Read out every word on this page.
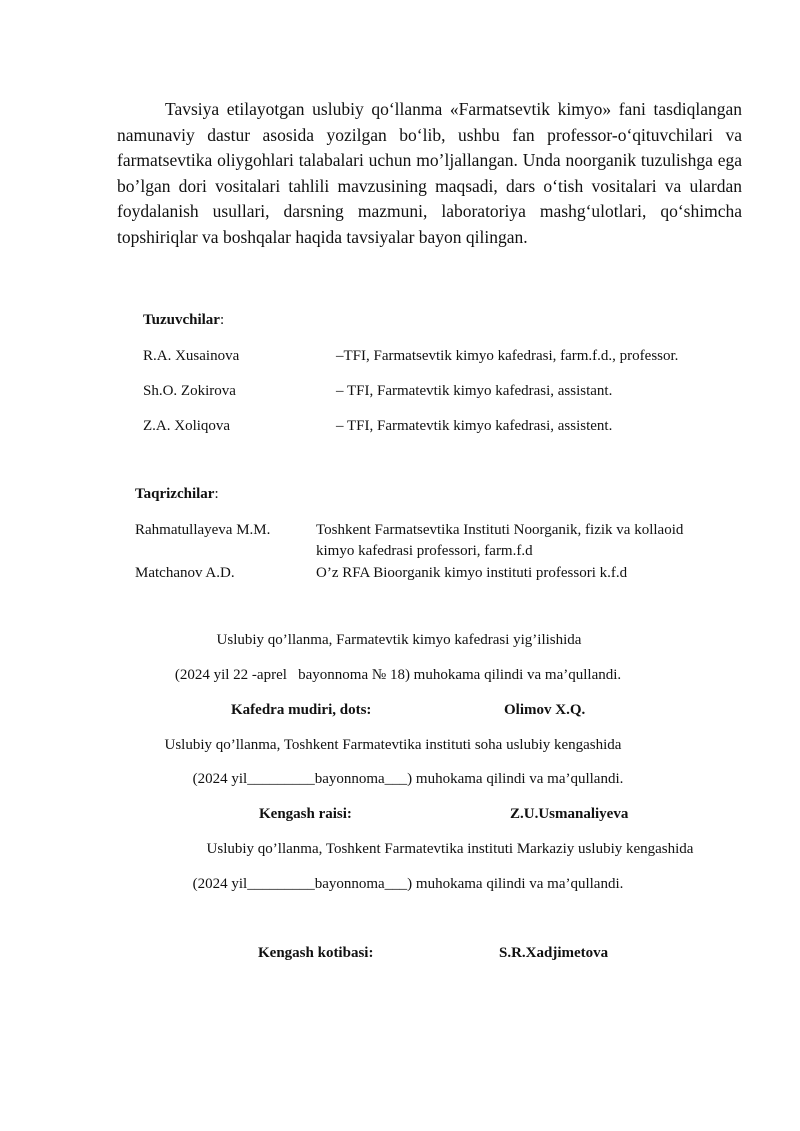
Tavsiya etilayotgan uslubiy qo‘llanma «Farmatsevtik kimyo» fani tasdiqlangan namunaviy dastur asosida yozilgan bo‘lib, ushbu fan professor-o‘qituvchilari va farmatsevtika oliygohlari talabalari uchun mo’ljallangan. Unda noorganik tuzulishga ega bo’lgan dori vositalari tahlili mavzusining maqsadi, dars o‘tish vositalari va ulardan foydalanish usullari, darsning mazmuni, laboratoriya mashg‘ulotlari, qo‘shimcha topshiriqlar va boshqalar haqida tavsiyalar bayon qilingan.

Tuzuvchilar:
R.A. Xusainova	–TFI, Farmatsevtik kimyo kafedrasi, farm.f.d., professor.
Sh.O. Zokirova	– TFI, Farmatevtik kimyo kafedrasi, assistant.
Z.A. Xoliqova	– TFI, Farmatevtik kimyo kafedrasi, assistent.
Taqrizchilar:
Rahmatullayeva M.M.	Toshkent Farmatsevtika Instituti Noorganik, fizik va kollaoid
kimyo kafedrasi professori, farm.f.d
Matchanov A.D.	O’z RFA Bioorganik kimyo instituti professori k.f.d
Uslubiy qo’llanma, Farmatevtik kimyo kafedrasi yig’ilishida
(2024 yil 22 -aprel   bayonnoma № 18) muhokama qilindi va ma’qullandi.
Kafedra mudiri, dots:	Olimov X.Q.
Uslubiy qo’llanma, Toshkent Farmatevtika instituti soha uslubiy kengashida
(2024 yil_________bayonnoma___) muhokama qilindi va ma’qullandi.
Kengash raisi:	Z.U.Usmanaliyeva
Uslubiy qo’llanma, Toshkent Farmatevtika instituti Markaziy uslubiy kengashida
(2024 yil_________bayonnoma___) muhokama qilindi va ma’qullandi.
Kengash kotibasi:	S.R.Xadjimetova
